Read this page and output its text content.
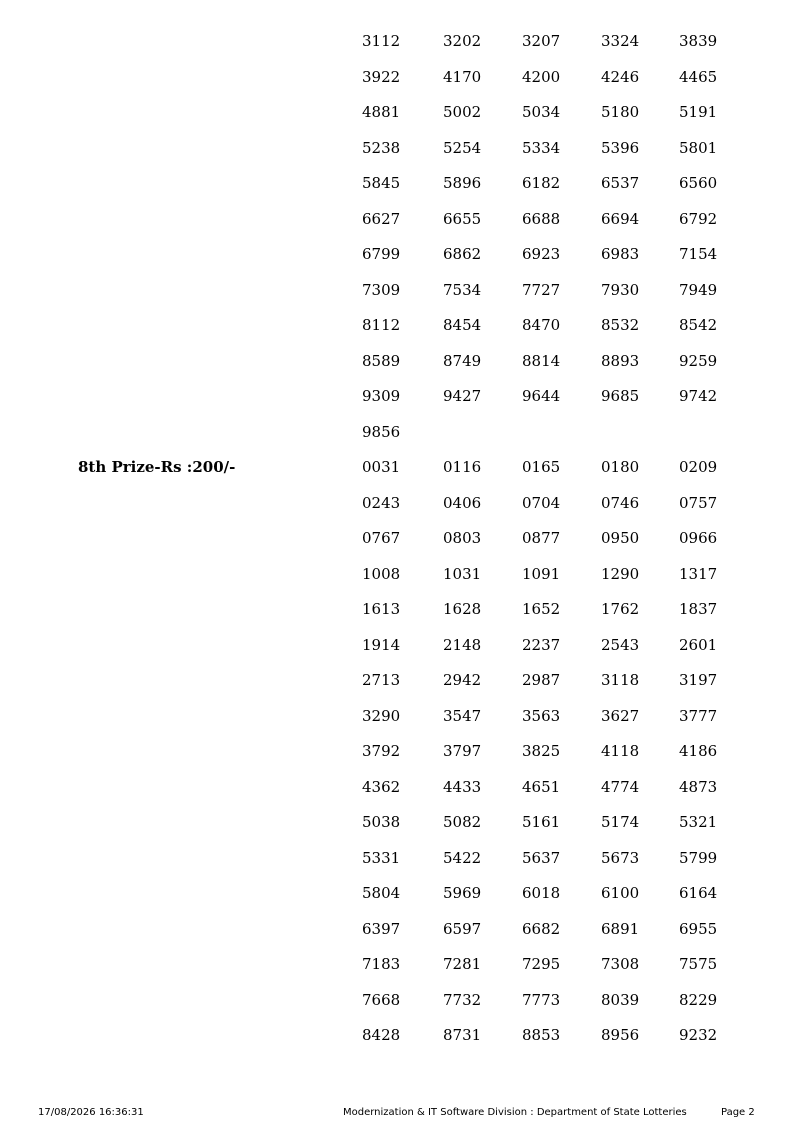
3112	3202	3207	3324	3839
3922	4170	4200	4246	4465
4881	5002	5034	5180	5191
5238	5254	5334	5396	5801
5845	5896	6182	6537	6560
6627	6655	6688	6694	6792
6799	6862	6923	6983	7154
7309	7534	7727	7930	7949
8112	8454	8470	8532	8542
8589	8749	8814	8893	9259
9309	9427	9644	9685	9742
9856
8th Prize-Rs :200/-	0031	0116	0165	0180	0209
0243	0406	0704	0746	0757
0767	0803	0877	0950	0966
1008	1031	1091	1290	1317
1613	1628	1652	1762	1837
1914	2148	2237	2543	2601
2713	2942	2987	3118	3197
3290	3547	3563	3627	3777
3792	3797	3825	4118	4186
4362	4433	4651	4774	4873
5038	5082	5161	5174	5321
5331	5422	5637	5673	5799
5804	5969	6018	6100	6164
6397	6597	6682	6891	6955
7183	7281	7295	7308	7575
7668	7732	7773	8039	8229
8428	8731	8853	8956	9232
17/08/2026 16:36:31	Modernization & IT Software Division : Department of State Lotteries	Page 2
